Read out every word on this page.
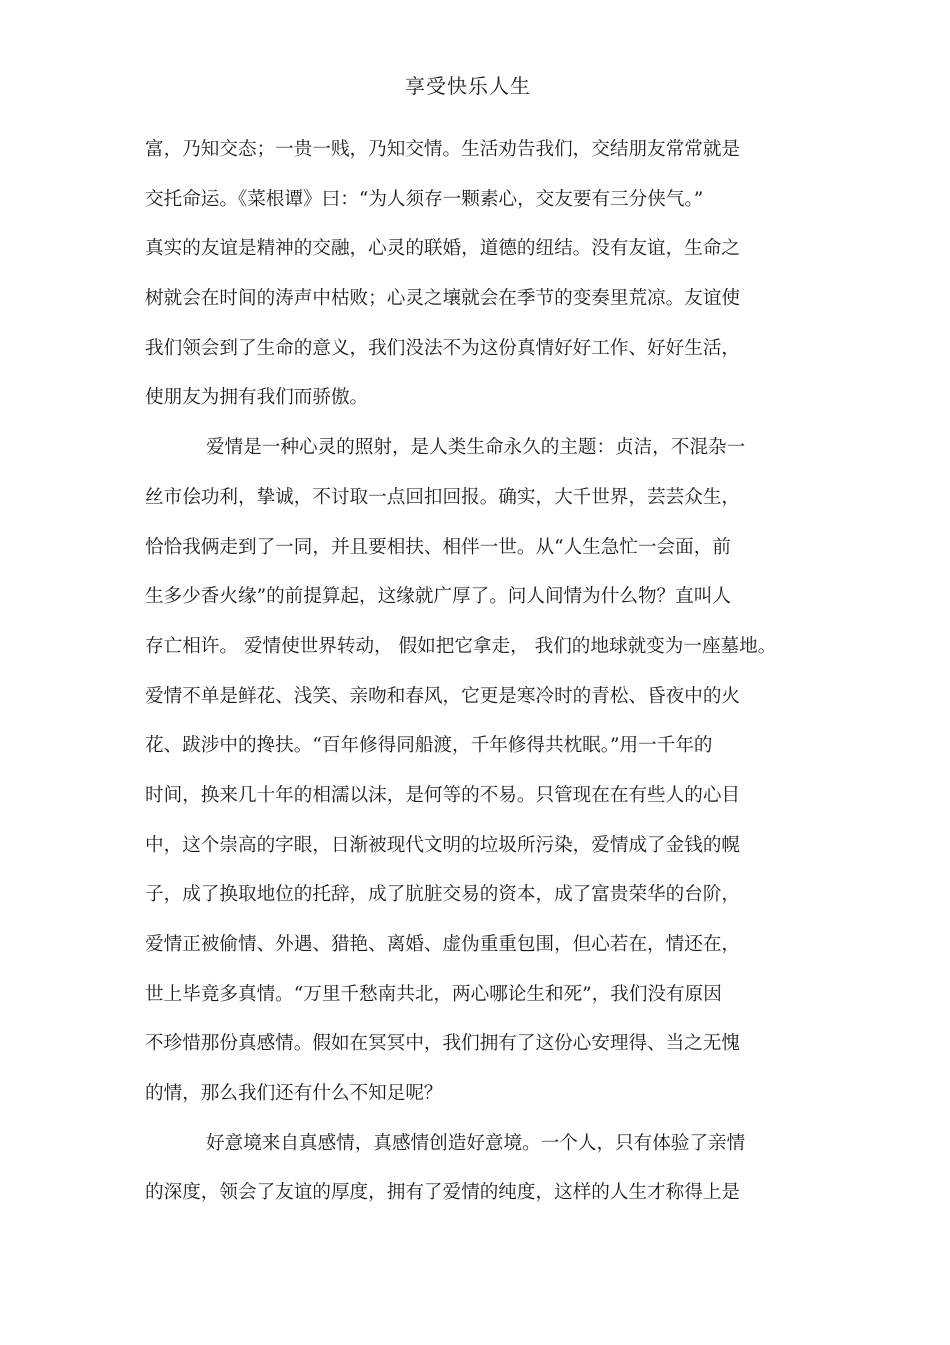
享受快乐人生
富，乃知交态；一贵一贱，乃知交情。生活劝告我们，交结朋友常常就是
交托命运。《菜根谭》曰：“为人须存一颗素心，交友要有三分侠气。”
真实的友谊是精神的交融，心灵的联婚，道德的纽结。没有友谊，生命之
树就会在时间的涛声中枯败；心灵之壤就会在季节的变奏里荒凉。友谊使
我们领会到了生命的意义，我们没法不为这份真情好好工作、好好生活，
使朋友为拥有我们而骄傲。
爱情是一种心灵的照射，是人类生命永久的主题：贞洁，不混杂一
丝市侩功利，挚诚，不讨取一点回扣回报。确实，大千世界，芸芸众生，
恰恰我俩走到了一同，并且要相扶、相伴一世。从“人生急忙一会面，前
生多少香火缘”的前提算起，这缘就广厚了。问人间情为什么物？直叫人
存亡相许。 爱情使世界转动， 假如把它拿走， 我们的地球就变为一座墓地。
爱情不单是鲜花、浅笑、亲吻和春风，它更是寒冷时的青松、昏夜中的火
花、跋涉中的搀扶。“百年修得同船渡，千年修得共枕眠。”用一千年的
时间，换来几十年的相濡以沫，是何等的不易。只管现在在有些人的心目
中，这个崇高的字眼，日渐被现代文明的垃圾所污染，爱情成了金钱的幌
子，成了换取地位的托辞，成了肮脏交易的资本，成了富贵荣华的台阶，
爱情正被偷情、外遇、猎艳、离婚、虚伪重重包围，但心若在，情还在，
世上毕竟多真情。“万里千愁南共北，两心哪论生和死”，我们没有原因
不珍惜那份真感情。假如在冥冥中，我们拥有了这份心安理得、当之无愧
的情，那么我们还有什么不知足呢？
好意境来自真感情，真感情创造好意境。一个人，只有体验了亲情
的深度，领会了友谊的厚度，拥有了爱情的纯度，这样的人生才称得上是
